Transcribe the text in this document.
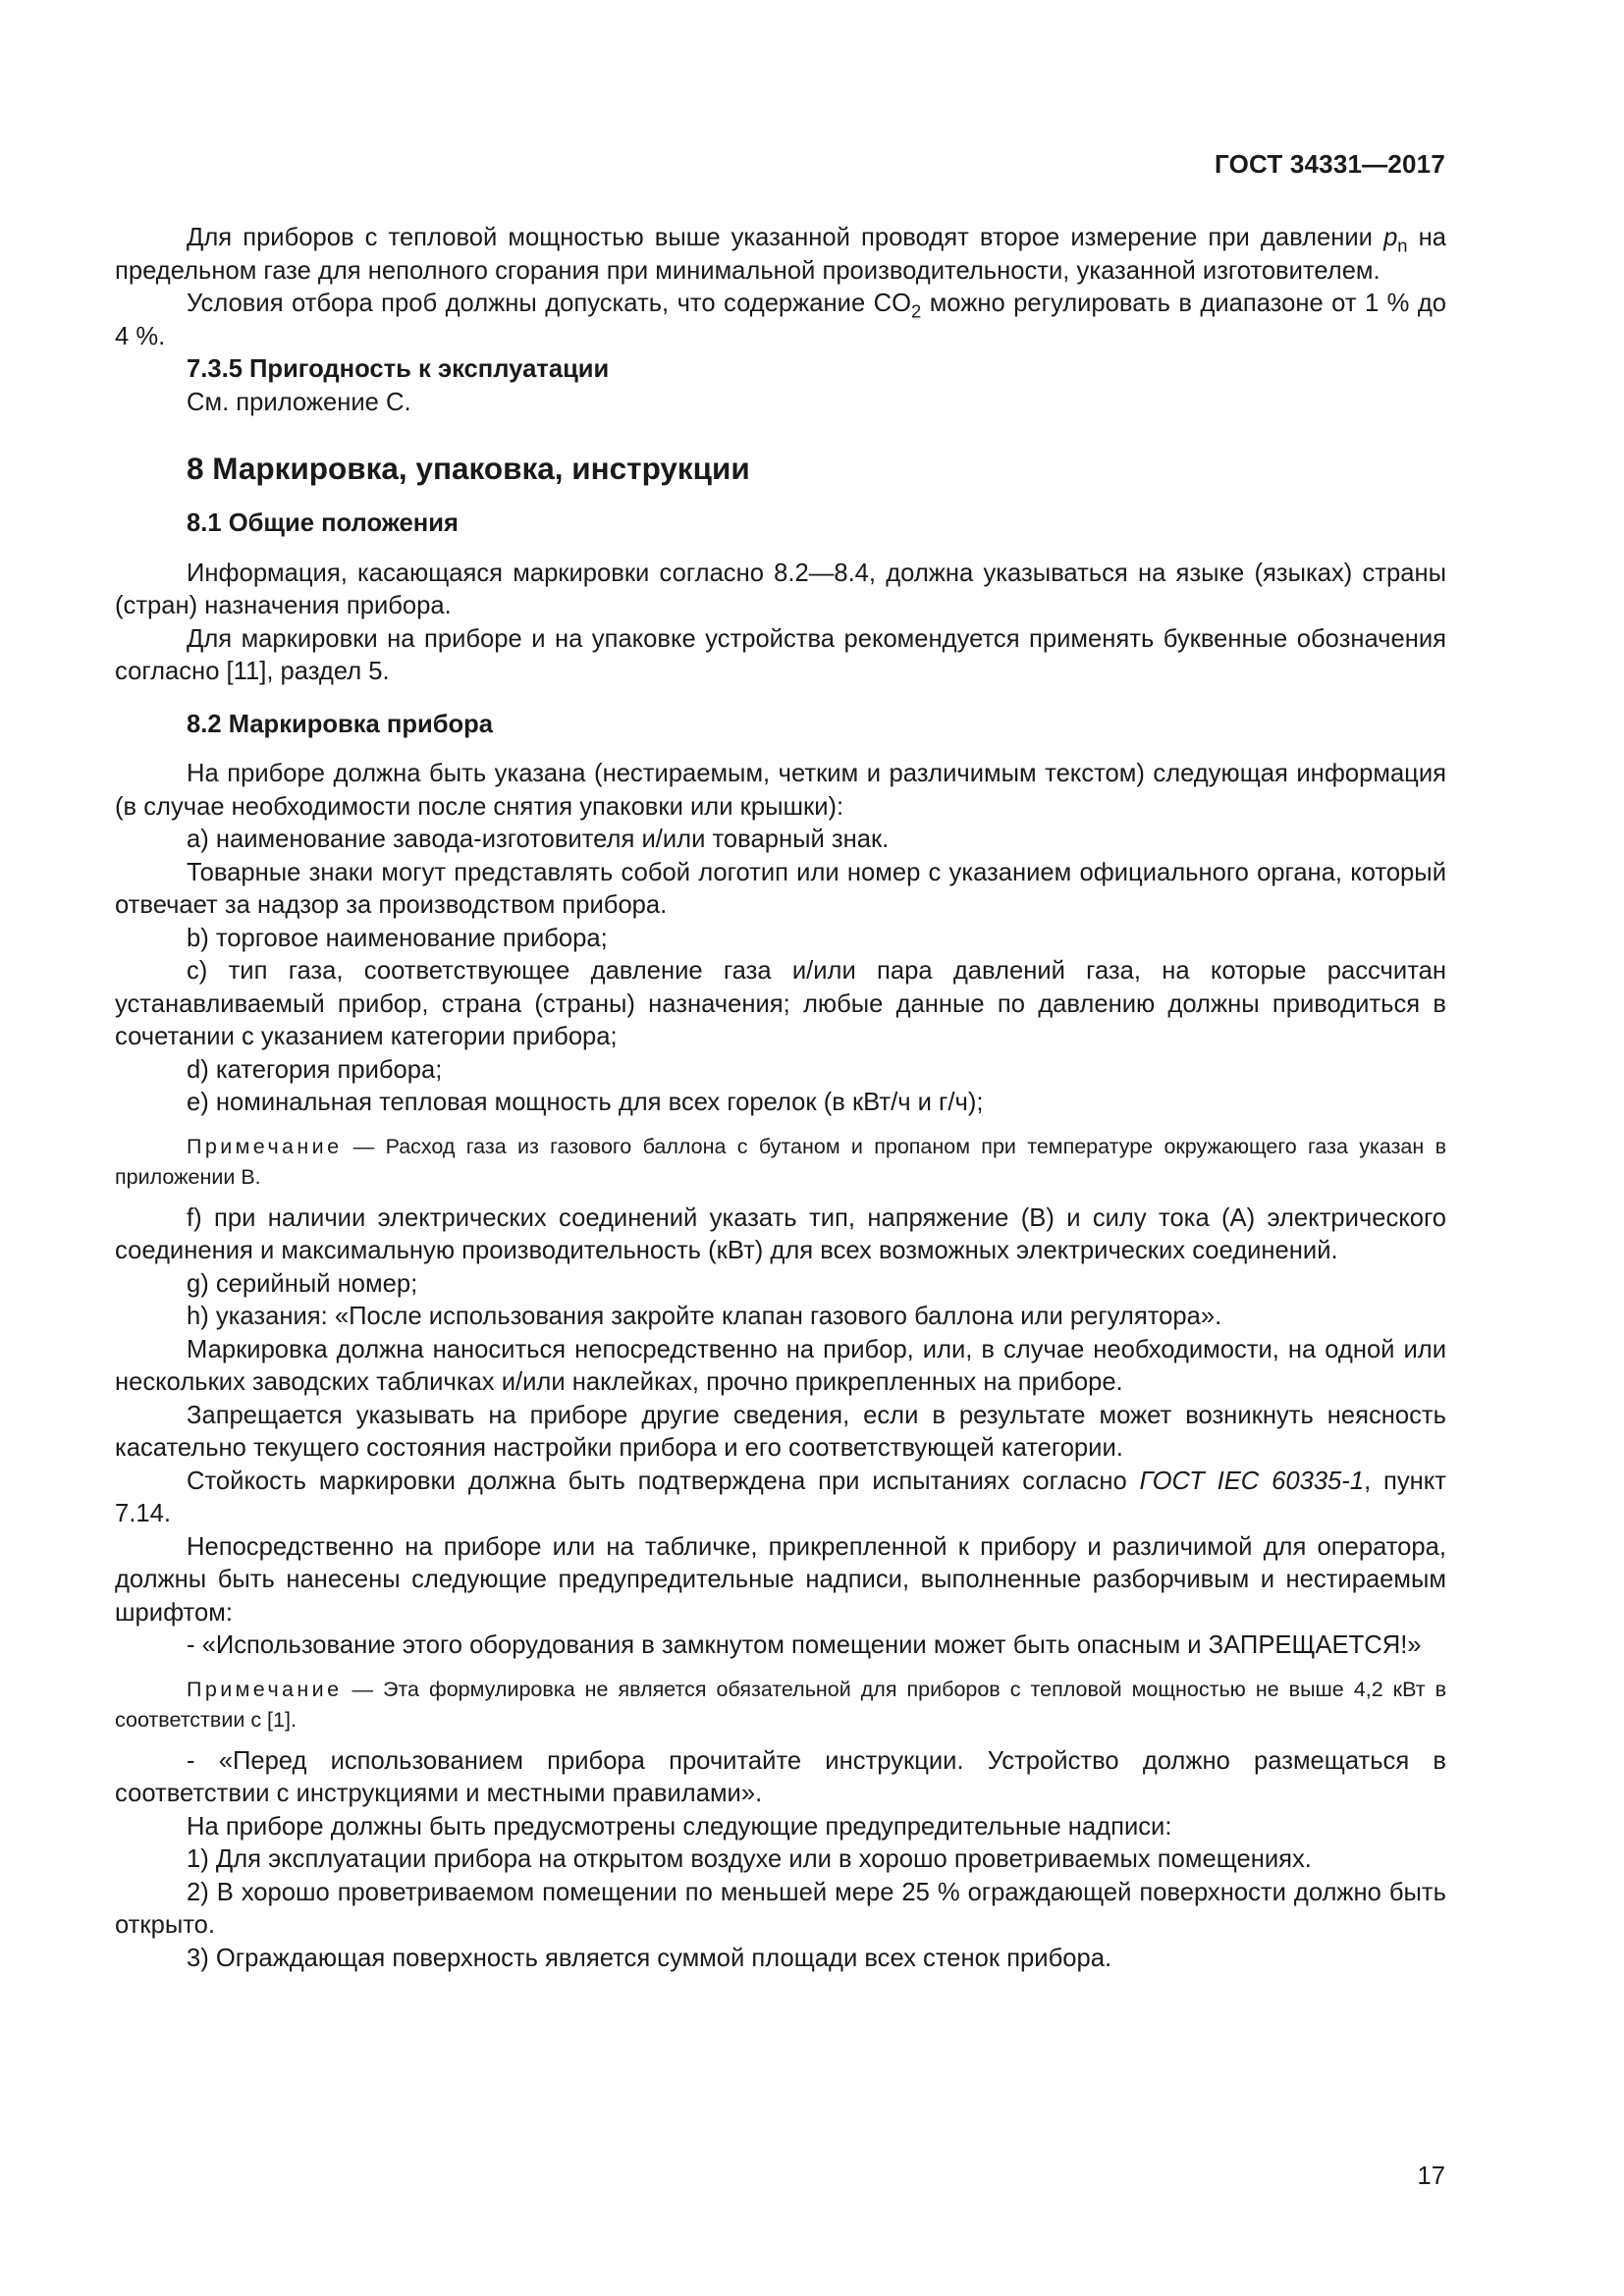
ГОСТ 34331—2017

Для приборов с тепловой мощностью выше указанной проводят второе измерение при давлении $p_n$ на предельном газе для неполного сгорания при минимальной производительности, указанной изготовителем.

Условия отбора проб должны допускать, что содержание $CO_2$ можно регулировать в диапазоне от 1 % до 4 %.

7.3.5 Пригодность к эксплуатации

См. приложение С.

8 Маркировка, упаковка, инструкции

8.1 Общие положения

Информация, касающаяся маркировки согласно 8.2—8.4, должна указываться на языке (языках) страны (стран) назначения прибора.

Для маркировки на приборе и на упаковке устройства рекомендуется применять буквенные обозначения согласно [11], раздел 5.

8.2 Маркировка прибора

На приборе должна быть указана (нестираемым, четким и различимым текстом) следующая информация (в случае необходимости после снятия упаковки или крышки):

а) наименование завода-изготовителя и/или товарный знак.

Товарные знаки могут представлять собой логотип или номер с указанием официального органа, который отвечает за надзор за производством прибора.

b) торговое наименование прибора;

с) тип газа, соответствующее давление газа и/или пара давлений газа, на которые рассчитан устанавливаемый прибор, страна (страны) назначения; любые данные по давлению должны приводиться в сочетании с указанием категории прибора;

d) категория прибора;

е) номинальная тепловая мощность для всех горелок (в кВт/ч и г/ч);

Примечание — Расход газа из газового баллона с бутаном и пропаном при температуре окружающего газа указан в приложении В.

f) при наличии электрических соединений указать тип, напряжение (В) и силу тока (А) электрического соединения и максимальную производительность (кВт) для всех возможных электрических соединений.

g) серийный номер;

h) указания: «После использования закройте клапан газового баллона или регулятора».

Маркировка должна наноситься непосредственно на прибор, или, в случае необходимости, на одной или нескольких заводских табличках и/или наклейках, прочно прикрепленных на приборе.

Запрещается указывать на приборе другие сведения, если в результате может возникнуть неясность касательно текущего состояния настройки прибора и его соответствующей категории.

Стойкость маркировки должна быть подтверждена при испытаниях согласно ГОСТ IEC 60335-1, пункт 7.14.

Непосредственно на приборе или на табличке, прикрепленной к прибору и различимой для оператора, должны быть нанесены следующие предупредительные надписи, выполненные разборчивым и нестираемым шрифтом:

- «Использование этого оборудования в замкнутом помещении может быть опасным и ЗАПРЕЩАЕТСЯ!»

Примечание — Эта формулировка не является обязательной для приборов с тепловой мощностью не выше 4,2 кВт в соответствии с [1].

- «Перед использованием прибора прочитайте инструкции. Устройство должно размещаться в соответствии с инструкциями и местными правилами».

На приборе должны быть предусмотрены следующие предупредительные надписи:

1) Для эксплуатации прибора на открытом воздухе или в хорошо проветриваемых помещениях.

2) В хорошо проветриваемом помещении по меньшей мере 25 % ограждающей поверхности должно быть открыто.

3) Ограждающая поверхность является суммой площади всех стенок прибора.

17
